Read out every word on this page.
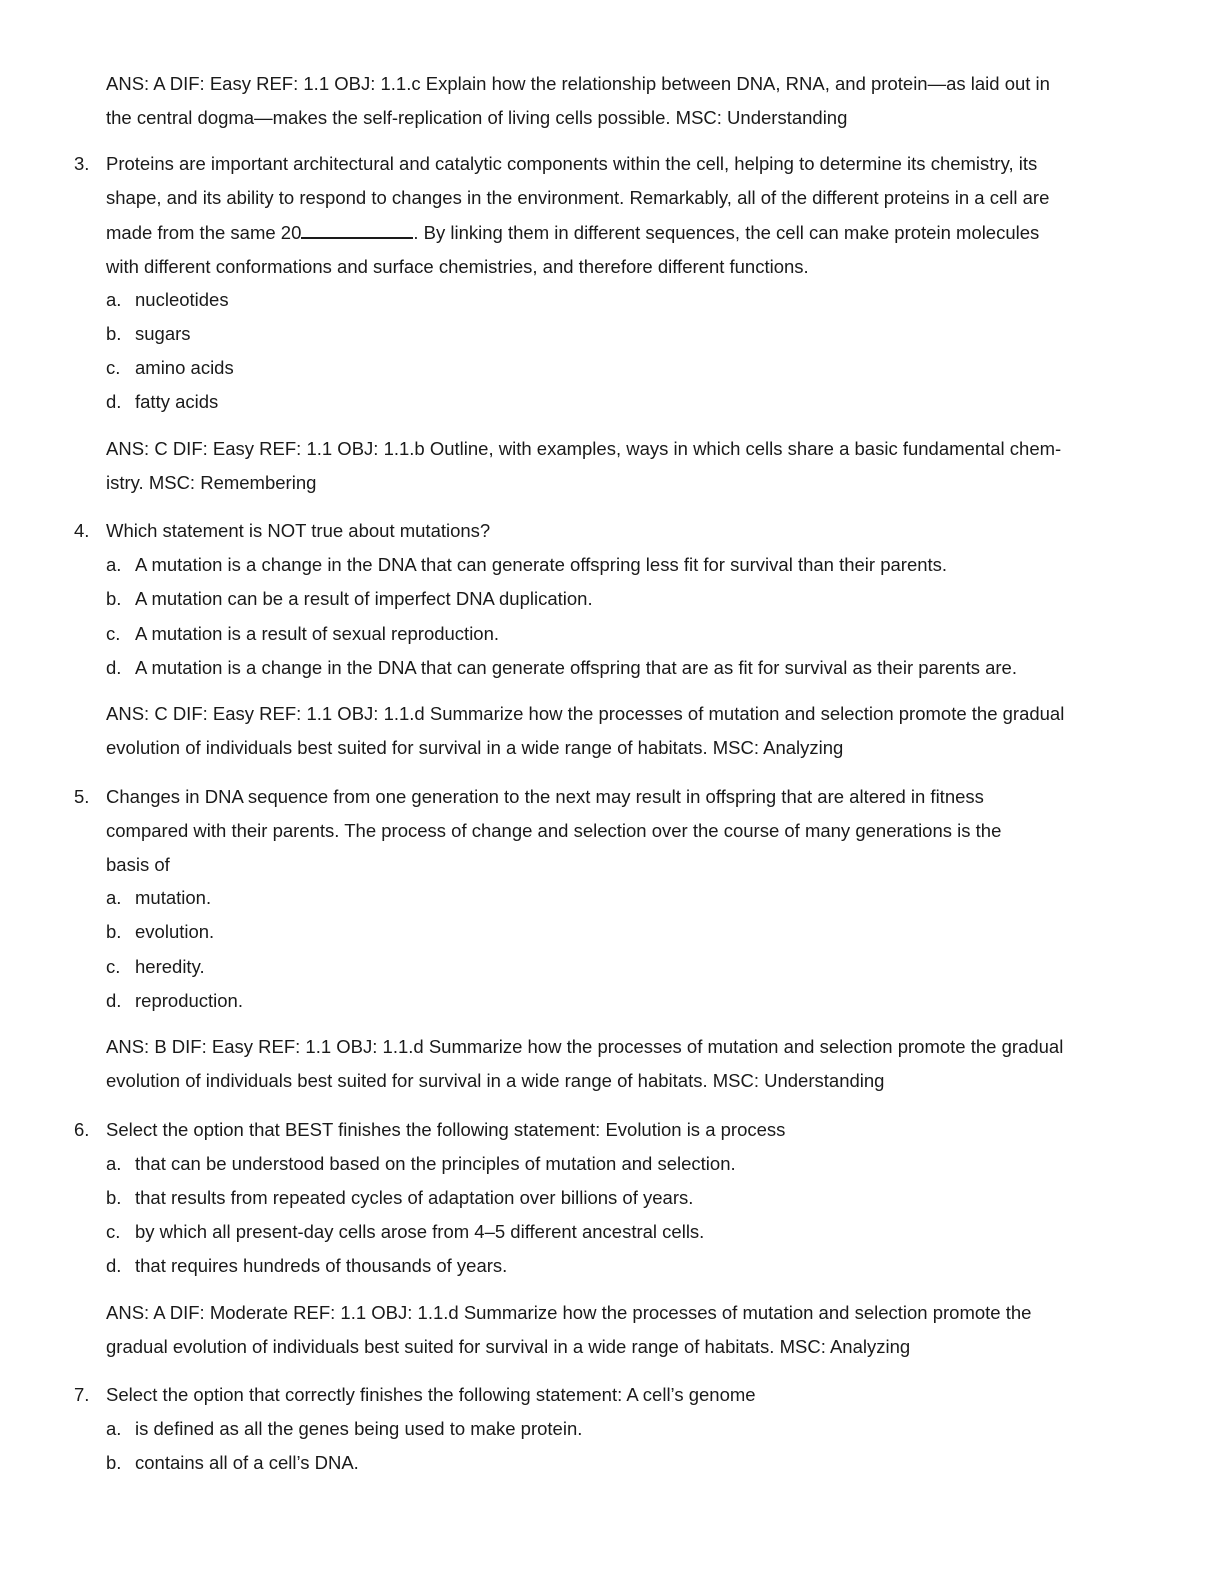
ANS: A DIF: Easy REF: 1.1 OBJ: 1.1.c Explain how the relationship between DNA, RNA, and protein—as laid out in
the central dogma—makes the self-replication of living cells possible. MSC: Understanding
3. Proteins are important architectural and catalytic components within the cell, helping to determine its chemistry, its
shape, and its ability to respond to changes in the environment. Remarkably, all of the different proteins in a cell are
made from the same 20	. By linking them in different sequences, the cell can make protein molecules
with different conformations and surface chemistries, and therefore different functions.
a. nucleotides
b. sugars
c. amino acids
d. fatty acids
ANS: C DIF: Easy REF: 1.1 OBJ: 1.1.b Outline, with examples, ways in which cells share a basic fundamental chem-
istry. MSC: Remembering
4. Which statement is NOT true about mutations?
a. A mutation is a change in the DNA that can generate offspring less fit for survival than their parents.
b. A mutation can be a result of imperfect DNA duplication.
c. A mutation is a result of sexual reproduction.
d. A mutation is a change in the DNA that can generate offspring that are as fit for survival as their parents are.
ANS: C DIF: Easy REF: 1.1 OBJ: 1.1.d Summarize how the processes of mutation and selection promote the gradual
evolution of individuals best suited for survival in a wide range of habitats. MSC: Analyzing
5. Changes in DNA sequence from one generation to the next may result in offspring that are altered in fitness
compared with their parents. The process of change and selection over the course of many generations is the
basis of
a. mutation.
b. evolution.
c. heredity.
d. reproduction.
ANS: B DIF: Easy REF: 1.1 OBJ: 1.1.d Summarize how the processes of mutation and selection promote the gradual
evolution of individuals best suited for survival in a wide range of habitats. MSC: Understanding
6. Select the option that BEST finishes the following statement: Evolution is a process
a. that can be understood based on the principles of mutation and selection.
b. that results from repeated cycles of adaptation over billions of years.
c. by which all present-day cells arose from 4–5 different ancestral cells.
d. that requires hundreds of thousands of years.
ANS: A DIF: Moderate REF: 1.1 OBJ: 1.1.d Summarize how the processes of mutation and selection promote the
gradual evolution of individuals best suited for survival in a wide range of habitats. MSC: Analyzing
7. Select the option that correctly finishes the following statement: A cell’s genome
a. is defined as all the genes being used to make protein.
b. contains all of a cell’s DNA.
